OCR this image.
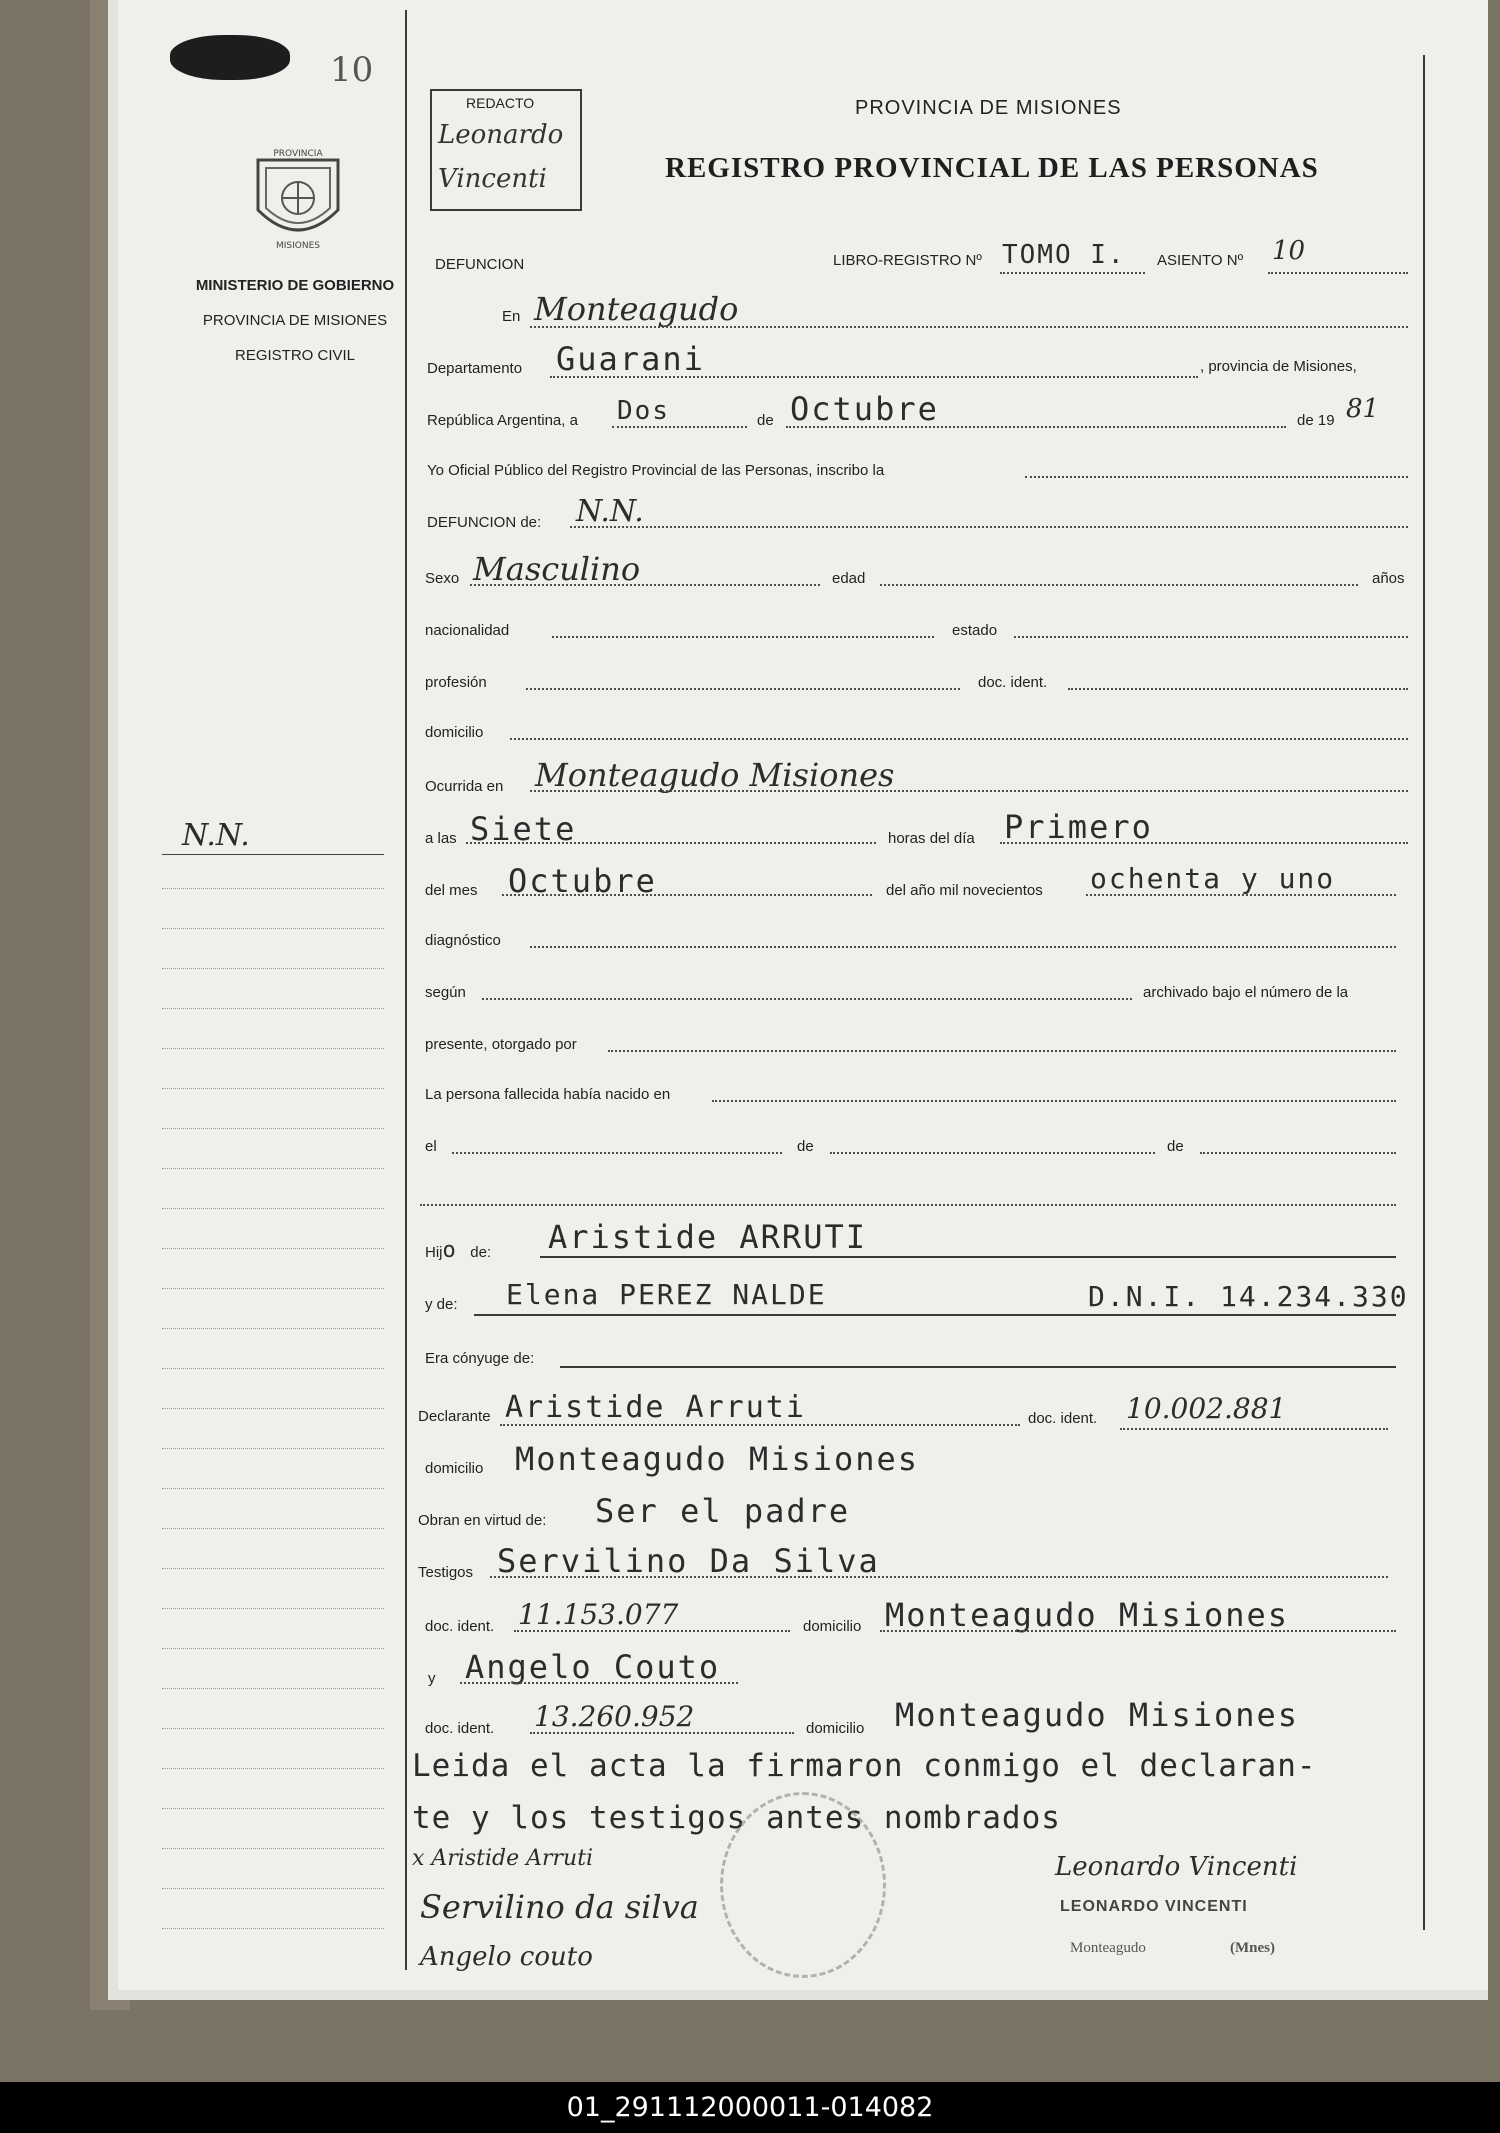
10
REDACTO
Leonardo Vincenti
PROVINCIA DE MISIONES
REGISTRO PROVINCIAL DE LAS PERSONAS
PROVINCIA
MISIONES
MINISTERIO DE GOBIERNO
PROVINCIA DE MISIONES
REGISTRO CIVIL
N.N.
DEFUNCION	LIBRO-REGISTRO Nº TOMO I. ASIENTO Nº 10
En Monteagudo
Departamento Guarani	, provincia de Misiones,
República Argentina, a Dos	de Octubre	de 19 81
Yo Oficial Público del Registro Provincial de las Personas, inscribo la
DEFUNCION de: N.N.
Sexo Masculino	edad	años
nacionalidad	estado
profesión	doc. ident.
domicilio
Ocurrida en Monteagudo Misiones
a las Siete	horas del día Primero
del mes Octubre	del año mil novecientos ochenta y uno
diagnóstico
según	archivado bajo el número de la
presente, otorgado por
La persona fallecida había nacido en
el	de	de
Hijo de: Aristide ARRUTI
y de: Elena PEREZ NALDE	D.N.I. 14.234.330
Era cónyuge de:
Declarante Aristide Arruti	doc. ident. 10.002.881
domicilio Monteagudo Misiones
Obran en virtud de: Ser el padre
Testigos Servilino Da Silva
doc. ident. 11.153.077	domicilio Monteagudo Misiones
y Angelo Couto
doc. ident. 13.260.952	domicilio Monteagudo Misiones
Leida el acta la firmaron conmigo el declaran-
te y los testigos antes nombrados
x Aristide Arruti
Servilino da silva
Angelo couto
Leonardo Vincenti
LEONARDO VINCENTI
Monteagudo	(Mnes)
01_291112000011-014082
